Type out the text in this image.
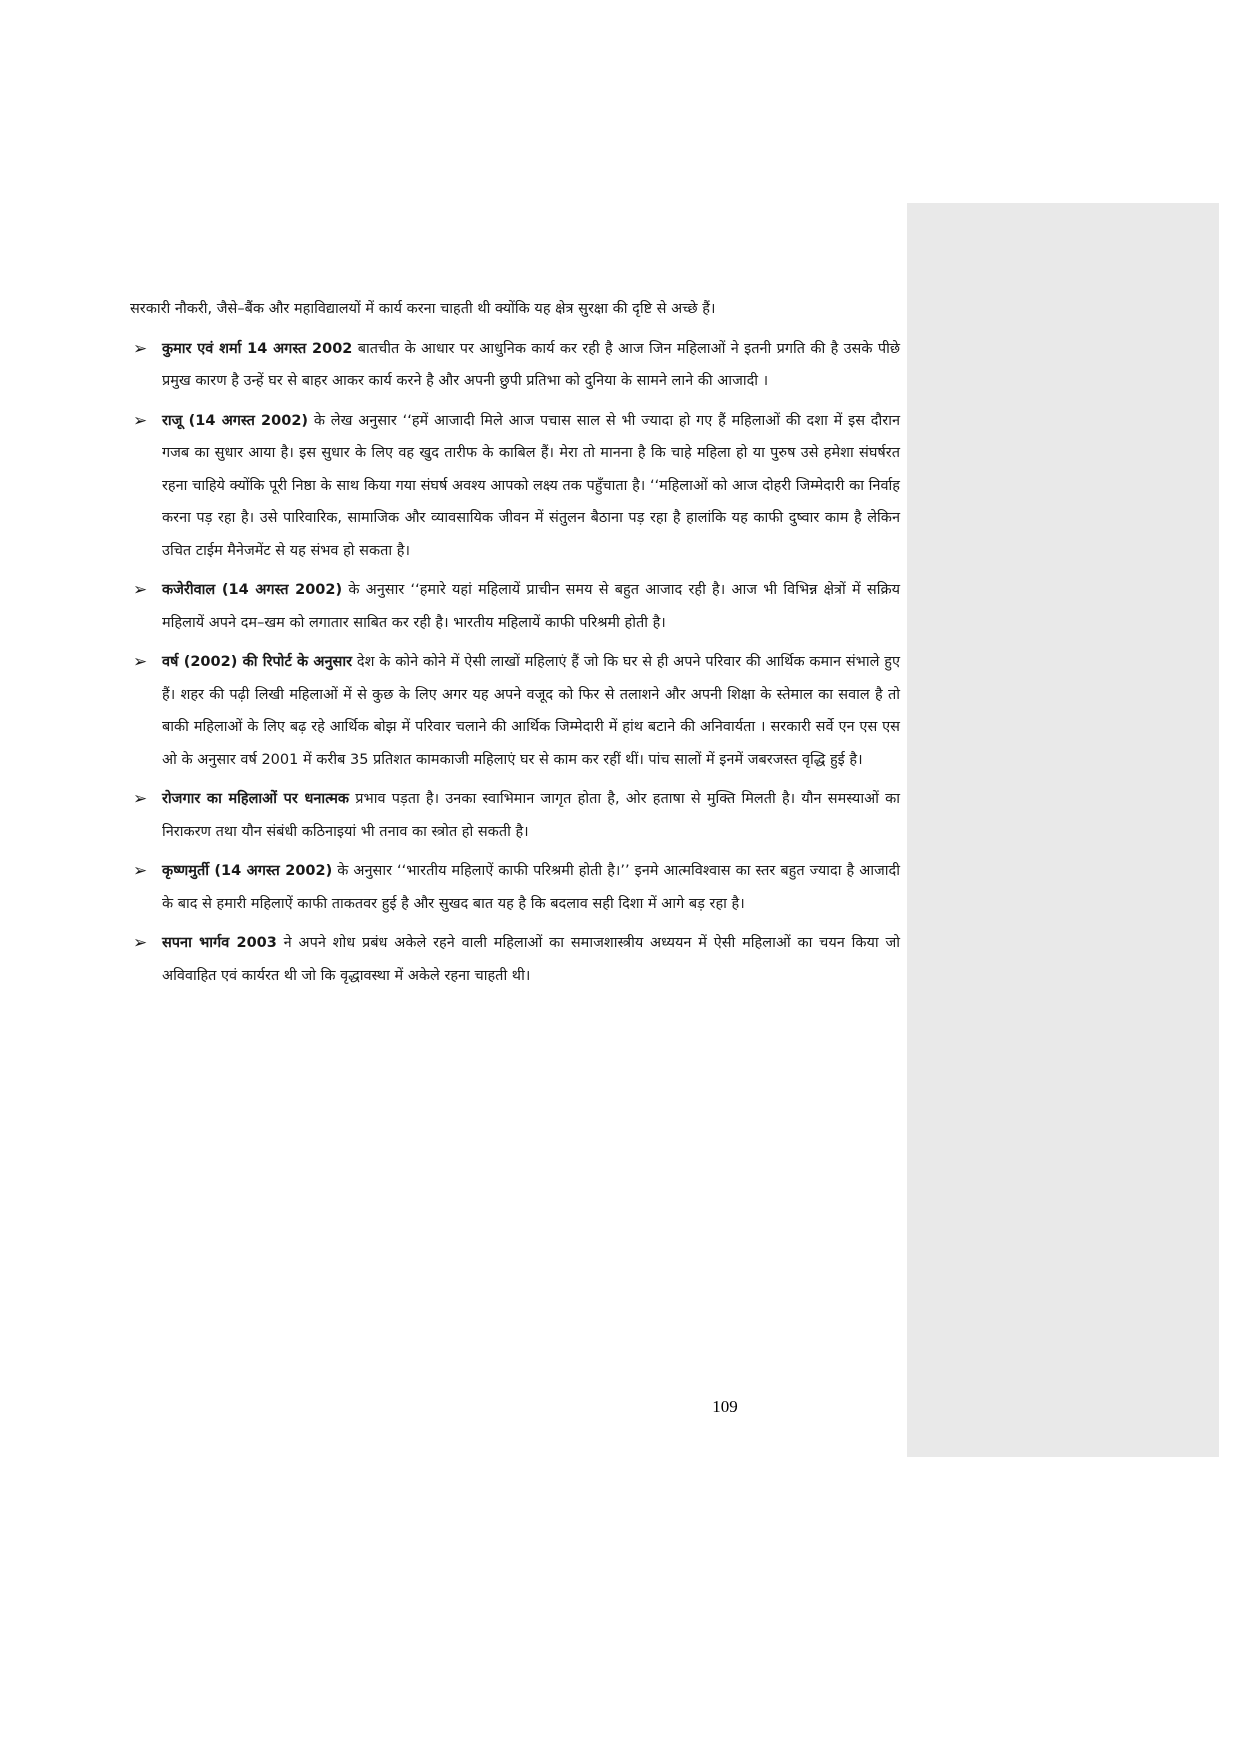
सरकारी नौकरी, जैसे–बैंक और महाविद्यालयों में कार्य करना चाहती थी क्योंकि यह क्षेत्र सुरक्षा की दृष्टि से अच्छे हैं।

➢ कुमार एवं शर्मा 14 अगस्त 2002 बातचीत के आधार पर आधुनिक कार्य कर रही है आज जिन महिलाओं ने इतनी प्रगति की है उसके पीछे प्रमुख कारण है उन्हें घर से बाहर आकर कार्य करने है और अपनी छुपी प्रतिभा को दुनिया के सामने लाने की आजादी ।

➢ राजू (14 अगस्त 2002) के लेख अनुसार ‘‘हमें आजादी मिले आज पचास साल से भी ज्यादा हो गए हैं महिलाओं की दशा में इस दौरान गजब का सुधार आया है। इस सुधार के लिए वह खुद तारीफ के काबिल हैं। मेरा तो मानना है कि चाहे महिला हो या पुरुष उसे हमेशा संघर्षरत रहना चाहिये क्योंकि पूरी निष्ठा के साथ किया गया संघर्ष अवश्य आपको लक्ष्य तक पहुँचाता है। ‘‘महिलाओं को आज दोहरी जिम्मेदारी का निर्वाह करना पड़ रहा है। उसे पारिवारिक, सामाजिक और व्यावसायिक जीवन में संतुलन बैठाना पड़ रहा है हालांकि यह काफी दुष्वार काम है लेकिन उचित टाईम मैनेजमेंट से यह संभव हो सकता है।

➢ कजेरीवाल (14 अगस्त 2002) के अनुसार ‘‘हमारे यहां महिलायें प्राचीन समय से बहुत आजाद रही है। आज भी विभिन्न क्षेत्रों में सक्रिय महिलायें अपने दम–खम को लगातार साबित कर रही है। भारतीय महिलायें काफी परिश्रमी होती है।

➢ वर्ष (2002) की रिपोर्ट के अनुसार देश के कोने कोने में ऐसी लाखों महिलाएं हैं जो कि घर से ही अपने परिवार की आर्थिक कमान संभाले हुए हैं। शहर की पढ़ी लिखी महिलाओं में से कुछ के लिए अगर यह अपने वजूद को फिर से तलाशने और अपनी शिक्षा के स्तेमाल का सवाल है तो बाकी महिलाओं के लिए बढ़ रहे आर्थिक बोझ में परिवार चलाने की आर्थिक जिम्मेदारी में हांथ बटाने की अनिवार्यता । सरकारी सर्वे एन एस एस ओ के अनुसार वर्ष 2001 में करीब 35 प्रतिशत कामकाजी महिलाएं घर से काम कर रहीं थीं। पांच सालों में इनमें जबरजस्त वृद्धि हुई है।

➢ रोजगार का महिलाओं पर धनात्मक प्रभाव पड़ता है। उनका स्वाभिमान जागृत होता है, ओर हताषा से मुक्ति मिलती है। यौन समस्याओं का निराकरण तथा यौन संबंधी कठिनाइयां भी तनाव का स्त्रोत हो सकती है।

➢ कृष्णमुर्ती (14 अगस्त 2002) के अनुसार ‘‘भारतीय महिलाऐं काफी परिश्रमी होती है।’’ इनमे आत्मविश्वास का स्तर बहुत ज्यादा है आजादी के बाद से हमारी महिलाऐं काफी ताकतवर हुई है और सुखद बात यह है कि बदलाव सही दिशा में आगे बड़ रहा है।

➢ सपना भार्गव 2003 ने अपने शोध प्रबंध अकेले रहने वाली महिलाओं का समाजशास्त्रीय अध्ययन में ऐसी महिलाओं का चयन किया जो अविवाहित एवं कार्यरत थी जो कि वृद्धावस्था में अकेले रहना चाहती थी।

109
